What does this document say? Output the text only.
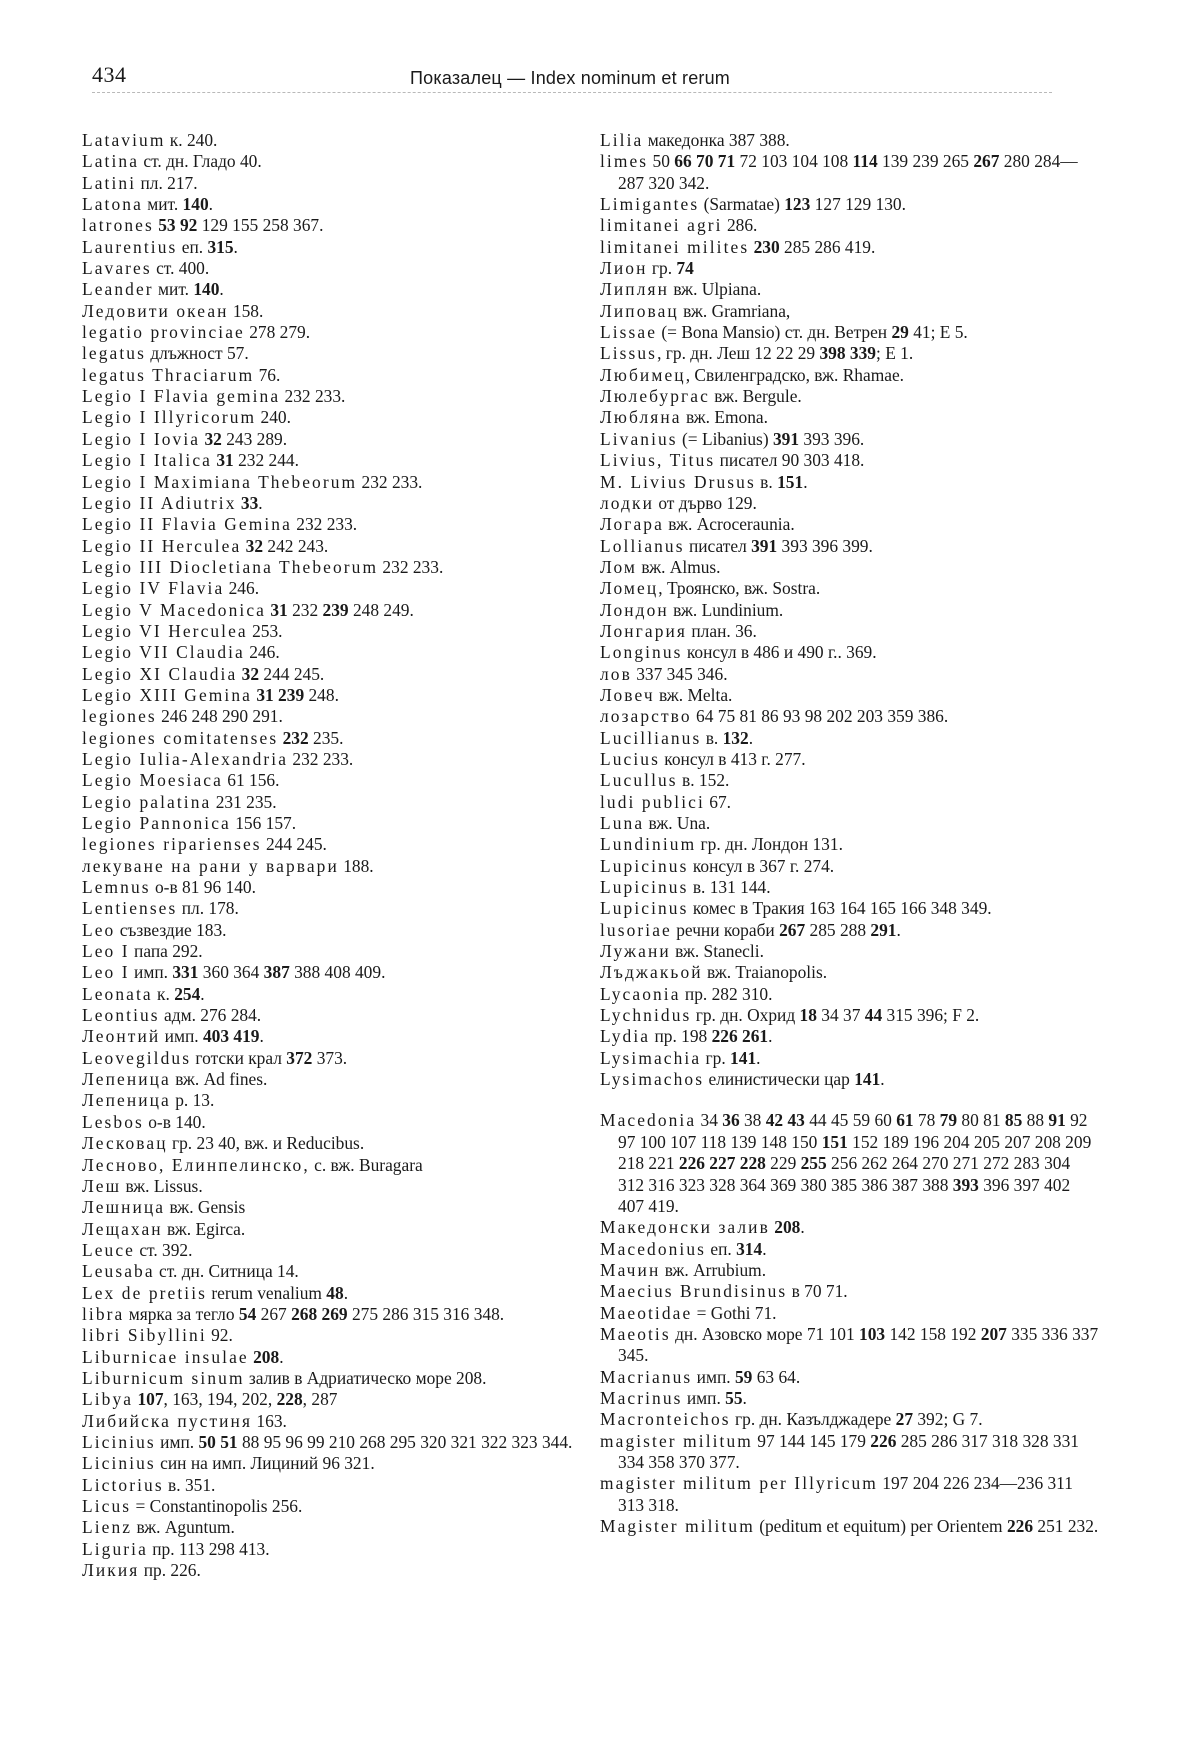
434	Показалец — Index nominum et rerum
Latavium к. 240.
Latina ст. дн. Гладо 40.
Latini пл. 217.
Latona мит. 140.
latrones 53 92 129 155 258 367.
Laurentius еп. 315.
Lavares ст. 400.
Leander мит. 140.
Ледовити океан 158.
legatio provinciae 278 279.
legatus длъжност 57.
legatus Thraciarum 76.
Legio I Flavia gemina 232 233.
Legio I Illyricorum 240.
Legio I Iovia 32 243 289.
Legio I Italica 31 232 244.
Legio I Maximiana Thebeorum 232 233.
Legio II Adiutrix 33.
Legio II Flavia Gemina 232 233.
Legio II Herculea 32 242 243.
Legio III Diocletiana Thebeorum 232 233.
Legio IV Flavia 246.
Legio V Macedonica 31 232 239 248 249.
Legio VI Herculea 253.
Legio VII Claudia 246.
Legio XI Claudia 32 244 245.
Legio XIII Gemina 31 239 248.
legiones 246 248 290 291.
legiones comitatenses 232 235.
Legio Iulia-Alexandria 232 233.
Legio Moesiaca 61 156.
Legio palatina 231 235.
Legio Pannonica 156 157.
legiones riparienses 244 245.
лекуване на рани у варвари 188.
Lemnus о-в 81 96 140.
Lentienses пл. 178.
Leo съзвездие 183.
Leo I папа 292.
Leo I имп. 331 360 364 387 388 408 409.
Leonata к. 254.
Leontius адм. 276 284.
Леонтий имп. 403 419.
Leovegildus готски крал 372 373.
Лепеница вж. Ad fines.
Лепеница р. 13.
Lesbos о-в 140.
Лесковац гр. 23 40, вж. и Reducibus.
Лесново, Елинпелинско, с. вж. Buragara
Леш вж. Lissus.
Лешница вж. Gensis
Лещахан вж. Egirca.
Leuce ст. 392.
Leusaba ст. дн. Ситница 14.
Lex de pretiis rerum venalium 48.
libra мярка за тегло 54 267 268 269 275 286 315 316 348.
libri Sibyllini 92.
Liburnicae insulae 208.
Liburnicum sinum залив в Адриатическо море 208.
Libya 107, 163, 194, 202, 228, 287
Либийска пустиня 163.
Licinius имп. 50 51 88 95 96 99 210 268 295 320 321 322 323 344.
Licinius син на имп. Лициний 96 321.
Lictorius в. 351.
Licus = Constantinopolis 256.
Lienz вж. Aguntum.
Liguria пр. 113 298 413.
Ликия пр. 226.
Lilia македонка 387 388.
limes 50 66 70 71 72 103 104 108 114 139 239 265 267 280 284—287 320 342.
Limigantes (Sarmatae) 123 127 129 130.
limitanei agri 286.
limitanei milites 230 285 286 419.
Лион гр. 74
Липлян вж. Ulpiana.
Липовац вж. Gramriana,
Lissae (= Bona Mansio) ст. дн. Ветрен 29 41; E 5.
Lissus, гр. дн. Леш 12 22 29 398 339; E 1.
Любимец, Свиленградско, вж. Rhamae.
Люлебургас вж. Bergule.
Любляна вж. Emona.
Livanius (= Libanius) 391 393 396.
Livius, Titus писател 90 303 418.
M. Livius Drusus в. 151.
лодки от дърво 129.
Логара вж. Acroceraunia.
Lollianus писател 391 393 396 399.
Лом вж. Almus.
Ломец, Троянско, вж. Sostra.
Лондон вж. Lundinium.
Лонгария план. 36.
Longinus консул в 486 и 490 г.. 369.
лов 337 345 346.
Ловеч вж. Melta.
лозарство 64 75 81 86 93 98 202 203 359 386.
Lucillianus в. 132.
Lucius консул в 413 г. 277.
Lucullus в. 152.
ludi publici 67.
Luna вж. Una.
Lundinium гр. дн. Лондон 131.
Lupicinus консул в 367 г. 274.
Lupicinus в. 131 144.
Lupicinus комес в Тракия 163 164 165 166 348 349.
lusoriae речни кораби 267 285 288 291.
Лужани вж. Stanecli.
Лъджакьой вж. Traianopolis.
Lycaonia пр. 282 310.
Lychnidus гр. дн. Охрид 18 34 37 44 315 396; F 2.
Lydia пр. 198 226 261.
Lysimachia гр. 141.
Lysimachos елинистически цар 141.
Macedonia 34 36 38 42 43 44 45 59 60 61 78 79 80 81 85 88 91 92 97 100 107 118 139 148 150 151 152 189 196 204 205 207 208 209 218 221 226 227 228 229 255 256 262 264 270 271 272 283 304 312 316 323 328 364 369 380 385 386 387 388 393 396 397 402 407 419.
Македонски залив 208.
Macedonius еп. 314.
Мачин вж. Arrubium.
Maecius Brundisinus в 70 71.
Maeotidae = Gothi 71.
Maeotis дн. Азовско море 71 101 103 142 158 192 207 335 336 337 345.
Macrianus имп. 59 63 64.
Macrinus имп. 55.
Macronteichos гр. дн. Казълджадере 27 392; G 7.
magister militum 97 144 145 179 226 285 286 317 318 328 331 334 358 370 377.
magister militum per Illyricum 197 204 226 234—236 311 313 318.
Magister militum (peditum et equitum) per Orientem 226 251 232.
